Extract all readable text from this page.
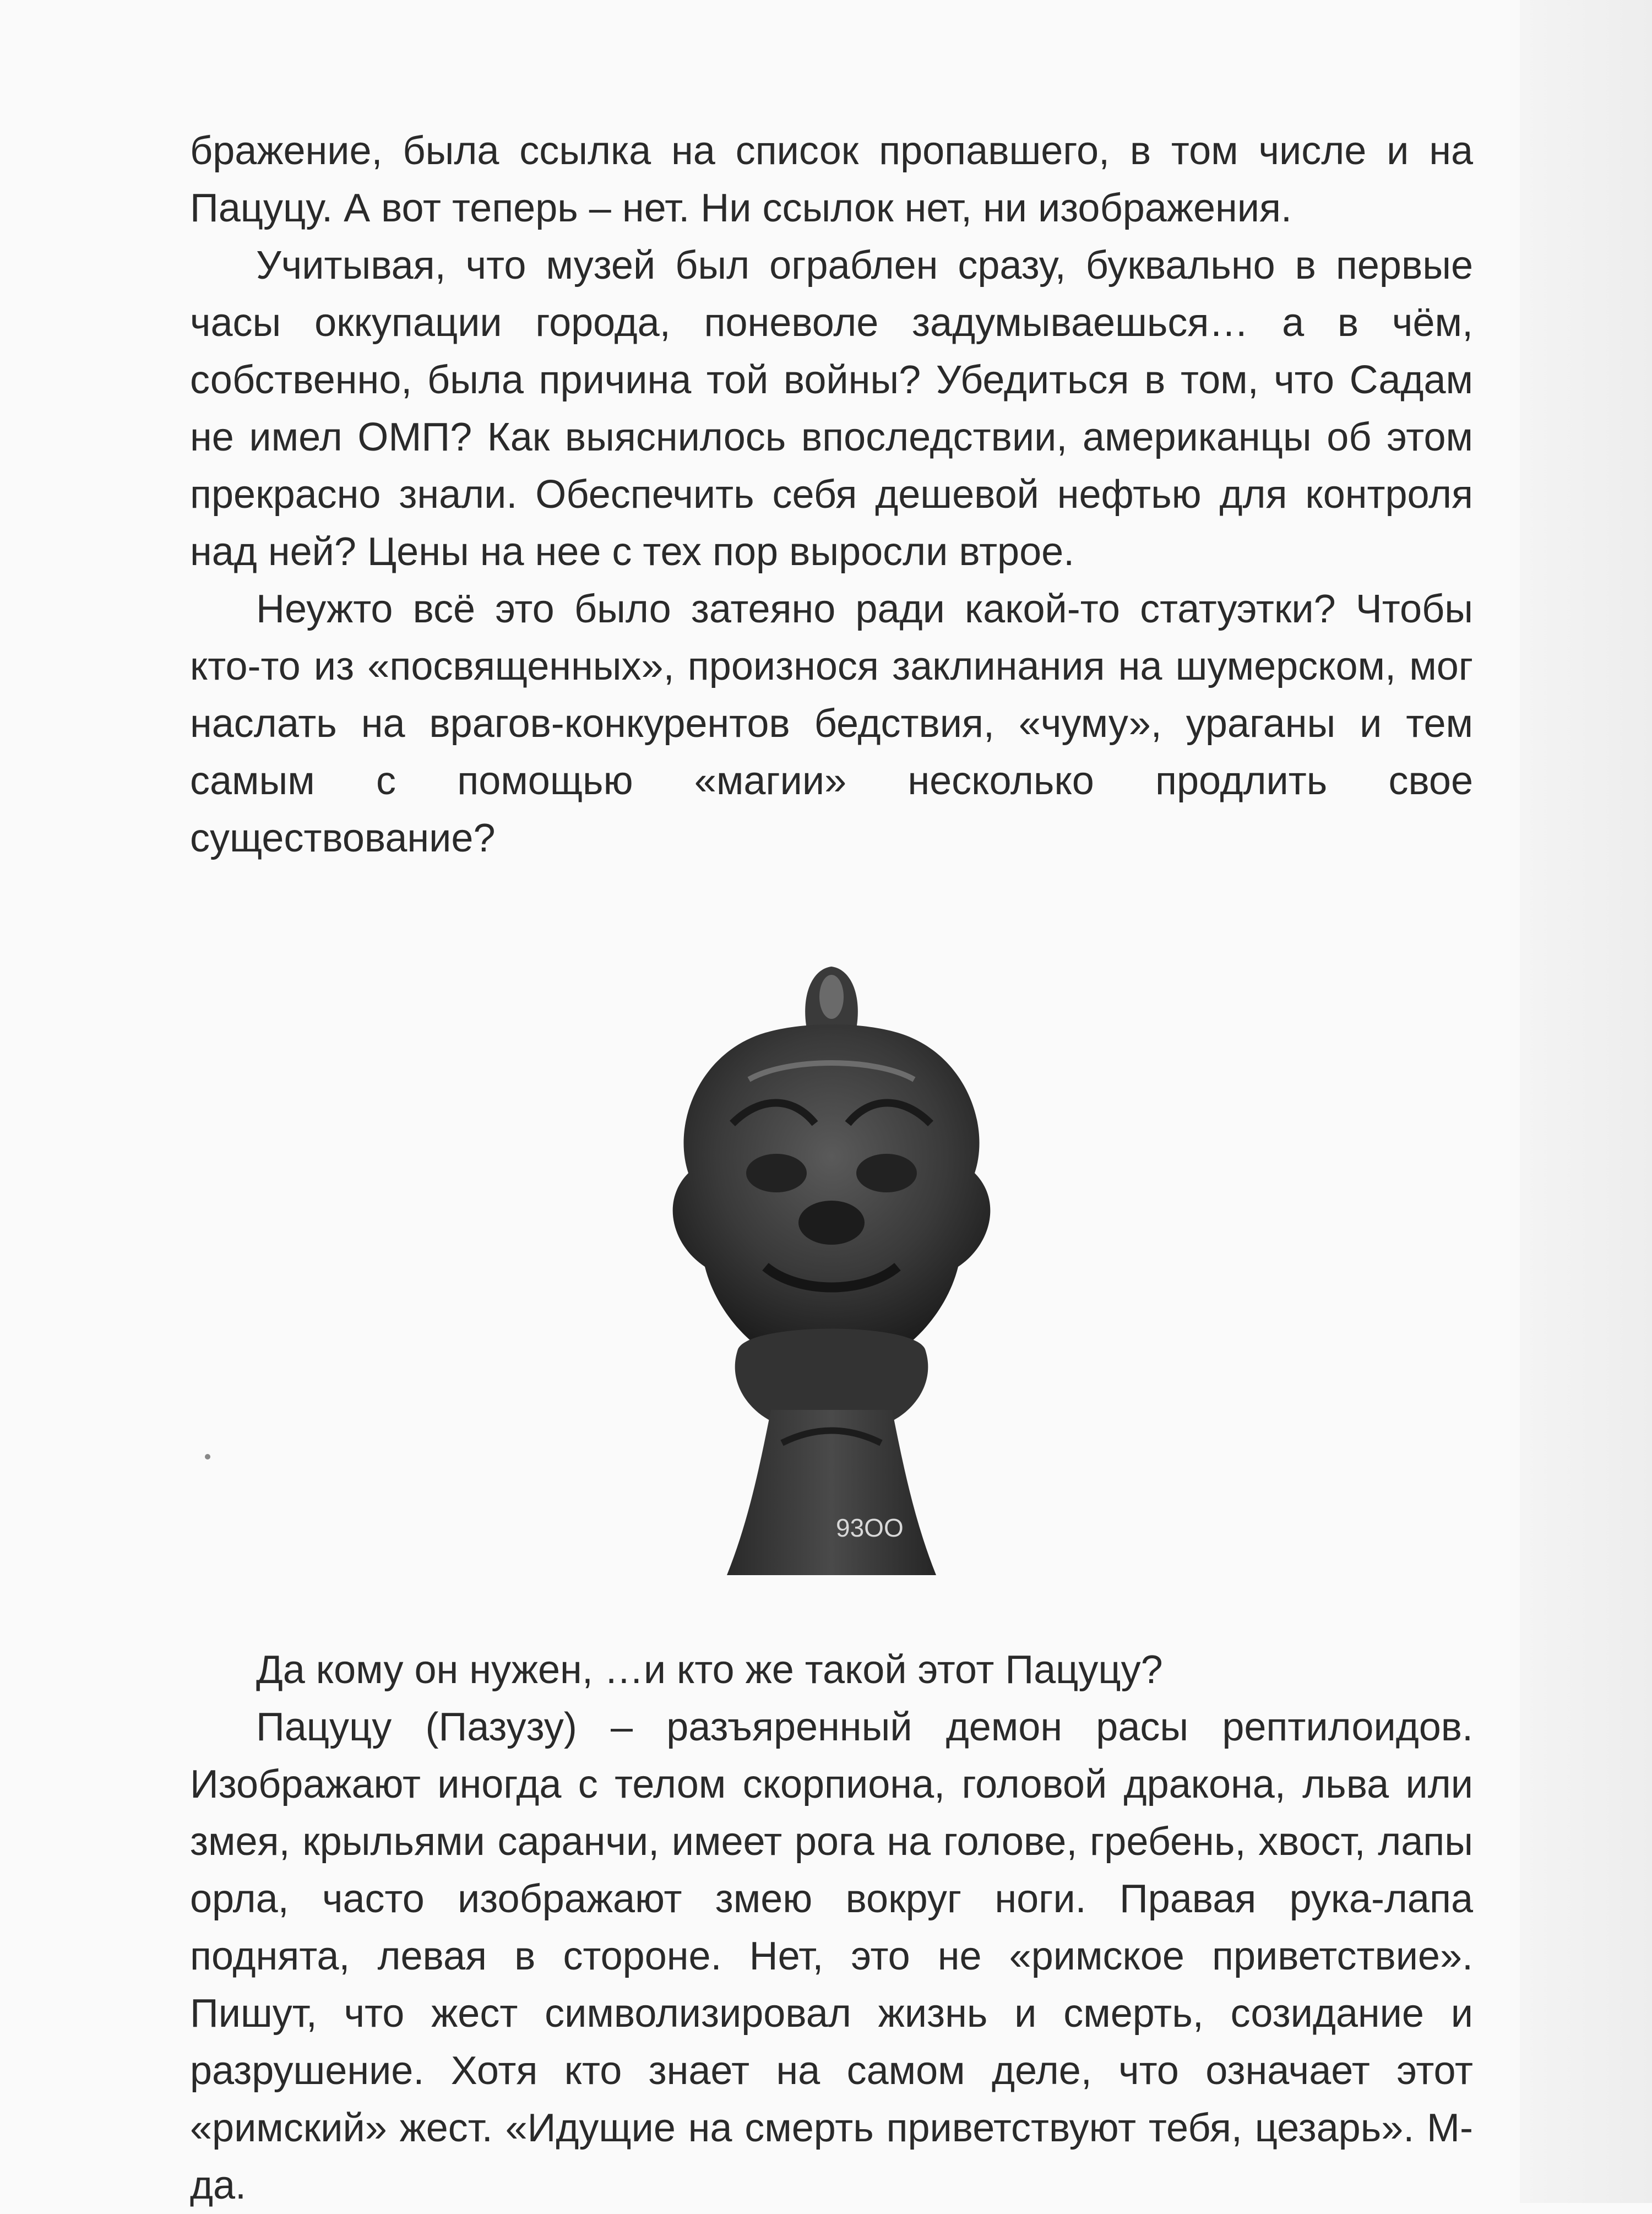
бражение, была ссылка на список пропавшего, в том числе и на Пацуцу. А вот теперь – нет. Ни ссылок нет, ни изображения.

Учитывая, что музей был ограблен сразу, буквально в первые часы оккупации города, поневоле задумываешься… а в чём, собственно, была причина той войны? Убедиться в том, что Садам не имел ОМП? Как выяснилось впоследствии, американцы об этом прекрасно знали. Обеспечить себя дешевой нефтью для контроля над ней? Цены на нее с тех пор выросли втрое.

Неужто всё это было затеяно ради какой-то статуэтки? Чтобы кто-то из «посвященных», произнося заклинания на шумерском, мог наслать на врагов-конкурентов бедствия, «чуму», ураганы и тем самым с помощью «магии» несколько продлить свое существование?

93ОО

Да кому он нужен, …и кто же такой этот Пацуцу?

Пацуцу (Пазузу) – разъяренный демон расы рептилоидов. Изображают иногда с телом скорпиона, головой дракона, льва или змея, крыльями саранчи, имеет рога на голове, гребень, хвост, лапы орла, часто изображают змею вокруг ноги. Правая рука-лапа поднята, левая в стороне. Нет, это не «римское приветствие». Пишут, что жест символизировал жизнь и смерть, созидание и разрушение. Хотя кто знает на самом деле, что означает этот «римский» жест. «Идущие на смерть приветствуют тебя, цезарь». М-да.
